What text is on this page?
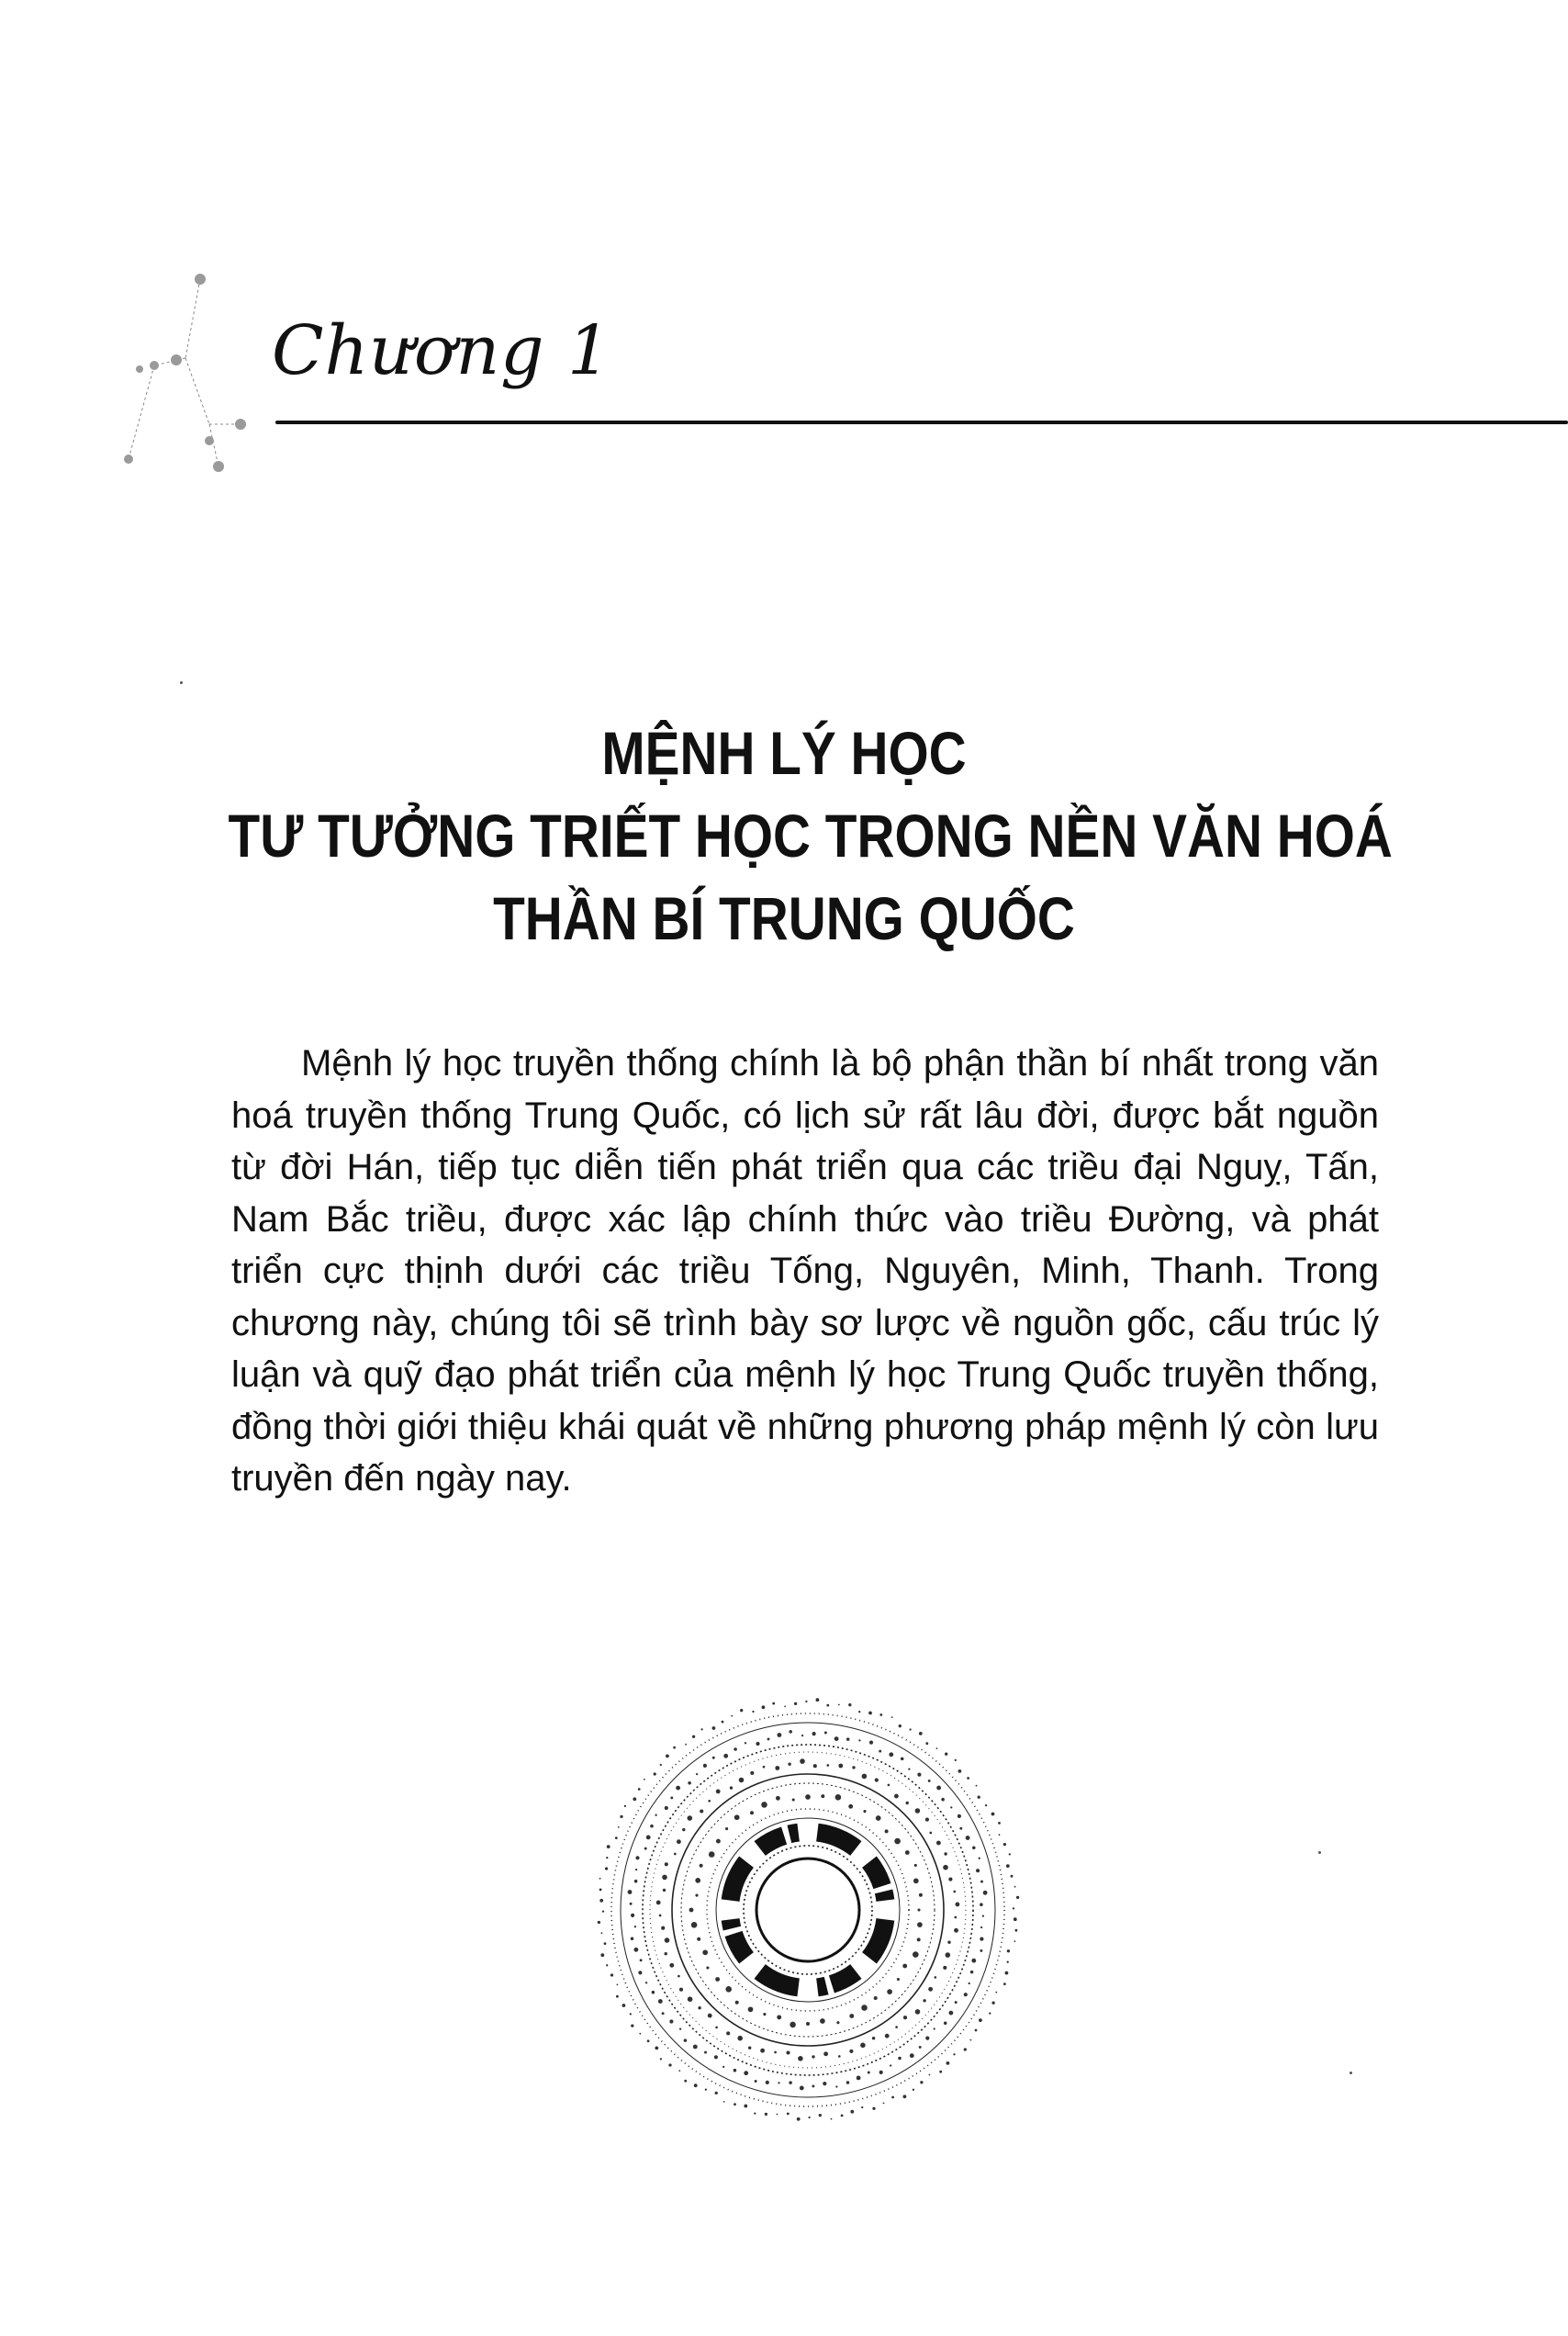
Chương 1
MỆNH LÝ HỌC
TƯ TƯỞNG TRIẾT HỌC TRONG NỀN VĂN HOÁ
THẦN BÍ TRUNG QUỐC
Mệnh lý học truyền thống chính là bộ phận thần bí nhất trong văn hoá truyền thống Trung Quốc, có lịch sử rất lâu đời, được bắt nguồn từ đời Hán, tiếp tục diễn tiến phát triển qua các triều đại Nguỵ, Tấn, Nam Bắc triều, được xác lập chính thức vào triều Đường, và phát triển cực thịnh dưới các triều Tống, Nguyên, Minh, Thanh. Trong chương này, chúng tôi sẽ trình bày sơ lược về nguồn gốc, cấu trúc lý luận và quỹ đạo phát triển của mệnh lý học Trung Quốc truyền thống, đồng thời giới thiệu khái quát về những phương pháp mệnh lý còn lưu truyền đến ngày nay.
